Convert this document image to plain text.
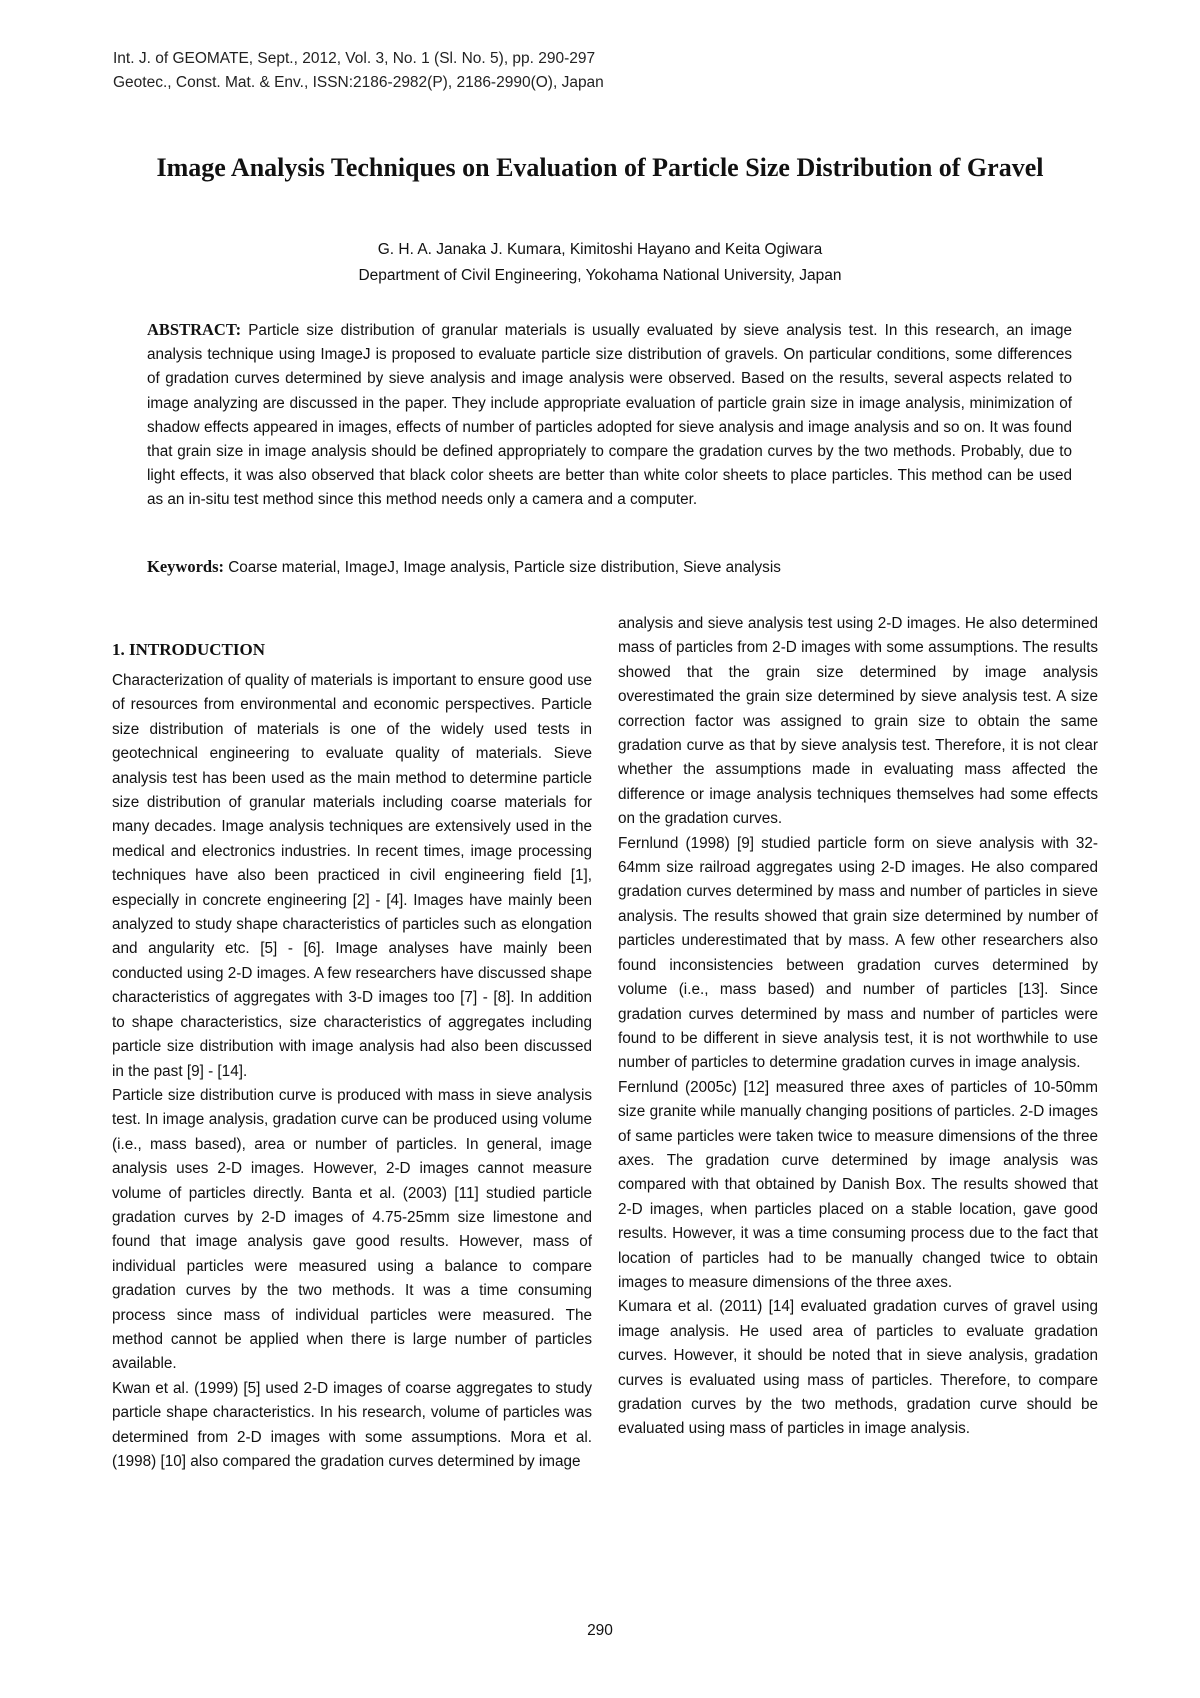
Int. J. of GEOMATE, Sept., 2012, Vol. 3, No. 1 (Sl. No. 5), pp. 290-297
Geotec., Const. Mat. & Env., ISSN:2186-2982(P), 2186-2990(O), Japan
Image Analysis Techniques on Evaluation of Particle Size Distribution of Gravel
G. H. A. Janaka J. Kumara, Kimitoshi Hayano and Keita Ogiwara
Department of Civil Engineering, Yokohama National University, Japan
ABSTRACT: Particle size distribution of granular materials is usually evaluated by sieve analysis test. In this research, an image analysis technique using ImageJ is proposed to evaluate particle size distribution of gravels. On particular conditions, some differences of gradation curves determined by sieve analysis and image analysis were observed. Based on the results, several aspects related to image analyzing are discussed in the paper. They include appropriate evaluation of particle grain size in image analysis, minimization of shadow effects appeared in images, effects of number of particles adopted for sieve analysis and image analysis and so on. It was found that grain size in image analysis should be defined appropriately to compare the gradation curves by the two methods. Probably, due to light effects, it was also observed that black color sheets are better than white color sheets to place particles. This method can be used as an in-situ test method since this method needs only a camera and a computer.
Keywords: Coarse material, ImageJ, Image analysis, Particle size distribution, Sieve analysis
1. INTRODUCTION

Characterization of quality of materials is important to ensure good use of resources from environmental and economic perspectives. Particle size distribution of materials is one of the widely used tests in geotechnical engineering to evaluate quality of materials. Sieve analysis test has been used as the main method to determine particle size distribution of granular materials including coarse materials for many decades. Image analysis techniques are extensively used in the medical and electronics industries. In recent times, image processing techniques have also been practiced in civil engineering field [1], especially in concrete engineering [2] - [4]. Images have mainly been analyzed to study shape characteristics of particles such as elongation and angularity etc. [5] - [6]. Image analyses have mainly been conducted using 2-D images. A few researchers have discussed shape characteristics of aggregates with 3-D images too [7] - [8]. In addition to shape characteristics, size characteristics of aggregates including particle size distribution with image analysis had also been discussed in the past [9] - [14].

Particle size distribution curve is produced with mass in sieve analysis test. In image analysis, gradation curve can be produced using volume (i.e., mass based), area or number of particles. In general, image analysis uses 2-D images. However, 2-D images cannot measure volume of particles directly. Banta et al. (2003) [11] studied particle gradation curves by 2-D images of 4.75-25mm size limestone and found that image analysis gave good results. However, mass of individual particles were measured using a balance to compare gradation curves by the two methods. It was a time consuming process since mass of individual particles were measured. The method cannot be applied when there is large number of particles available.

Kwan et al. (1999) [5] used 2-D images of coarse aggregates to study particle shape characteristics. In his research, volume of particles was determined from 2-D images with some assumptions. Mora et al. (1998) [10] also compared the gradation curves determined by image

analysis and sieve analysis test using 2-D images. He also determined mass of particles from 2-D images with some assumptions. The results showed that the grain size determined by image analysis overestimated the grain size determined by sieve analysis test. A size correction factor was assigned to grain size to obtain the same gradation curve as that by sieve analysis test. Therefore, it is not clear whether the assumptions made in evaluating mass affected the difference or image analysis techniques themselves had some effects on the gradation curves.

Fernlund (1998) [9] studied particle form on sieve analysis with 32-64mm size railroad aggregates using 2-D images. He also compared gradation curves determined by mass and number of particles in sieve analysis. The results showed that grain size determined by number of particles underestimated that by mass. A few other researchers also found inconsistencies between gradation curves determined by volume (i.e., mass based) and number of particles [13]. Since gradation curves determined by mass and number of particles were found to be different in sieve analysis test, it is not worthwhile to use number of particles to determine gradation curves in image analysis.

Fernlund (2005c) [12] measured three axes of particles of 10-50mm size granite while manually changing positions of particles. 2-D images of same particles were taken twice to measure dimensions of the three axes. The gradation curve determined by image analysis was compared with that obtained by Danish Box. The results showed that 2-D images, when particles placed on a stable location, gave good results. However, it was a time consuming process due to the fact that location of particles had to be manually changed twice to obtain images to measure dimensions of the three axes.

Kumara et al. (2011) [14] evaluated gradation curves of gravel using image analysis. He used area of particles to evaluate gradation curves. However, it should be noted that in sieve analysis, gradation curves is evaluated using mass of particles. Therefore, to compare gradation curves by the two methods, gradation curve should be evaluated using mass of particles in image analysis.

290
